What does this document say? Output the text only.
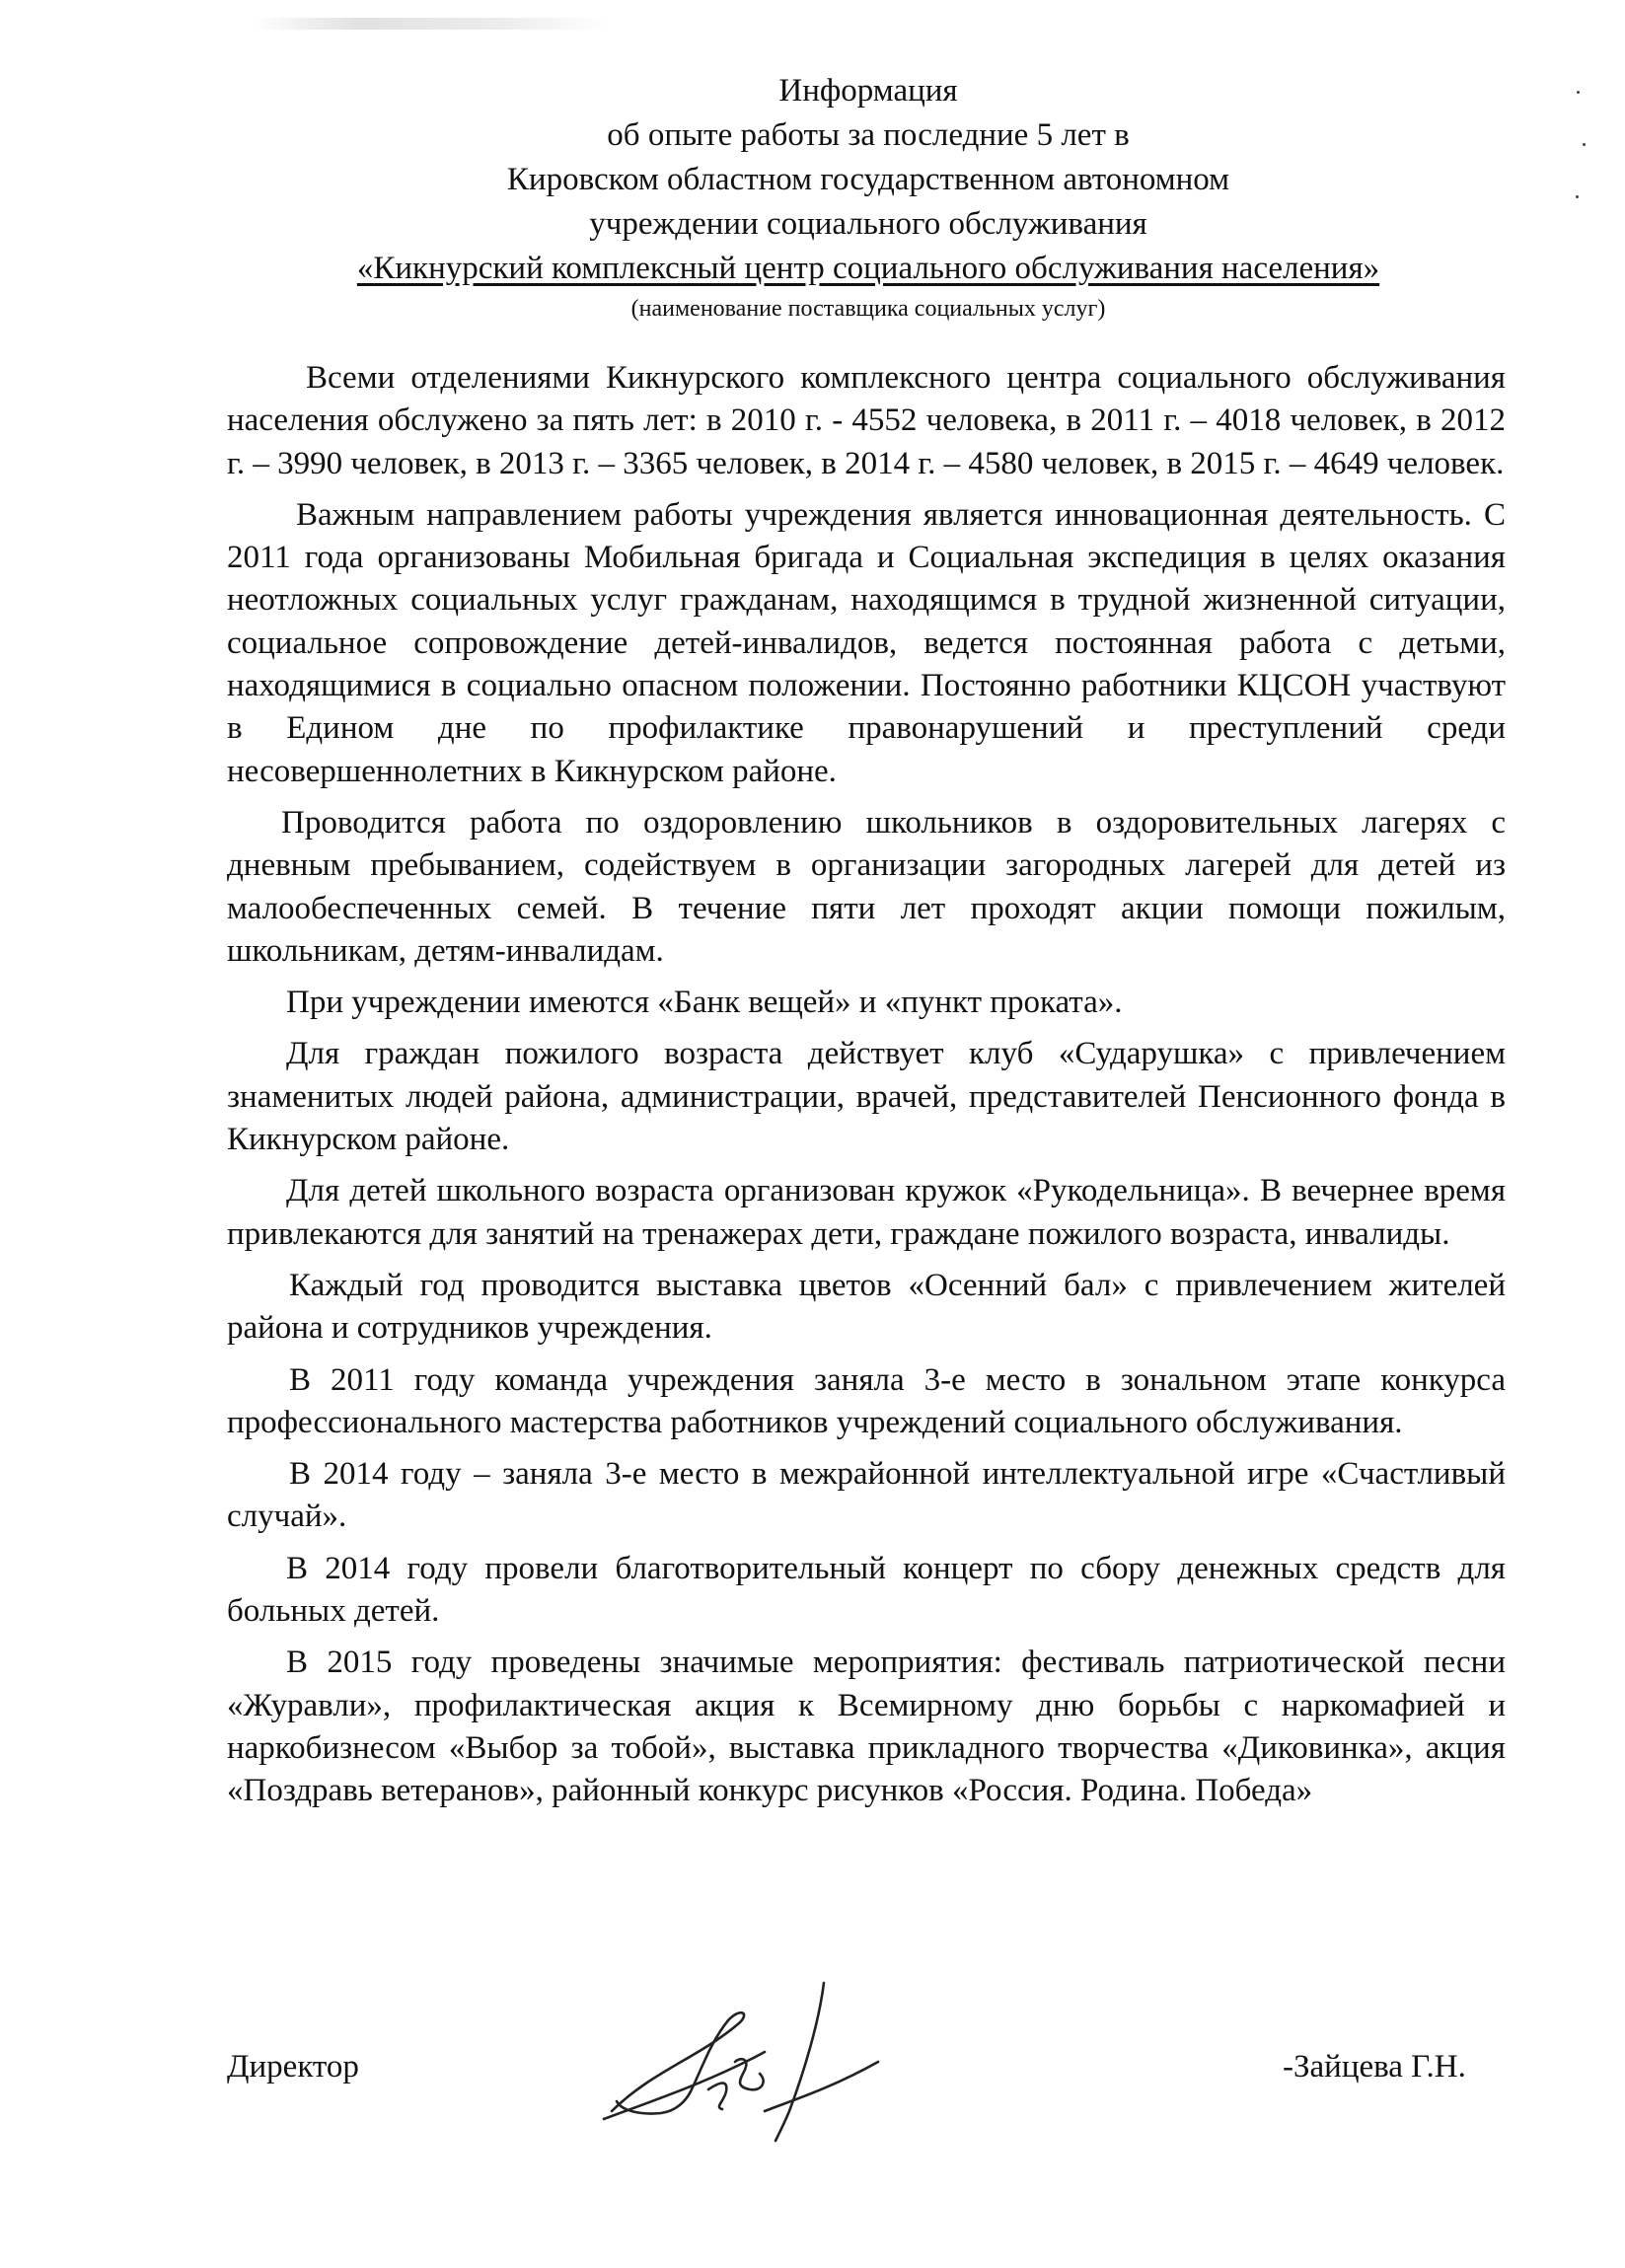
Информация
об опыте работы за последние 5 лет в
Кировском областном государственном автономном
учреждении социального обслуживания
«Кикнурский комплексный центр социального обслуживания населения»
(наименование поставщика социальных услуг)

Всеми отделениями Кикнурского комплексного центра социального обслуживания населения обслужено за пять лет: в 2010 г. - 4552 человека, в 2011 г. – 4018 человек, в 2012 г. – 3990 человек, в 2013 г. – 3365 человек, в 2014 г. – 4580 человек, в 2015 г. – 4649 человек.

Важным направлением работы учреждения является инновационная деятельность. С 2011 года организованы Мобильная бригада и Социальная экспедиция в целях оказания неотложных социальных услуг гражданам, находящимся в трудной жизненной ситуации, социальное сопровождение детей-инвалидов, ведется постоянная работа с детьми, находящимися в социально опасном положении. Постоянно работники КЦСОН участвуют в Едином дне по профилактике правонарушений и преступлений среди несовершеннолетних в Кикнурском районе.

Проводится работа по оздоровлению школьников в оздоровительных лагерях с дневным пребыванием, содействуем в организации загородных лагерей для детей из малообеспеченных семей. В течение пяти лет проходят акции помощи пожилым, школьникам, детям-инвалидам.

При учреждении имеются «Банк вещей» и «пункт проката».

Для граждан пожилого возраста действует клуб «Сударушка» с привлечением знаменитых людей района, администрации, врачей, представителей Пенсионного фонда в Кикнурском районе.

Для детей школьного возраста организован кружок «Рукодельница». В вечернее время привлекаются для занятий на тренажерах дети, граждане пожилого возраста, инвалиды.

Каждый год проводится выставка цветов «Осенний бал» с привлечением жителей района и сотрудников учреждения.

В 2011 году команда учреждения заняла 3-е место в зональном этапе конкурса профессионального мастерства работников учреждений социального обслуживания.

В 2014 году – заняла 3-е место в межрайонной интеллектуальной игре «Счастливый случай».

В 2014 году провели благотворительный концерт по сбору денежных средств для больных детей.

В 2015 году проведены значимые мероприятия: фестиваль патриотической песни «Журавли», профилактическая акция к Всемирному дню борьбы с наркомафией и наркобизнесом «Выбор за тобой», выставка прикладного творчества «Диковинка», акция «Поздравь ветеранов», районный конкурс рисунков «Россия. Родина. Победа»

Директор	-Зайцева Г.Н.
